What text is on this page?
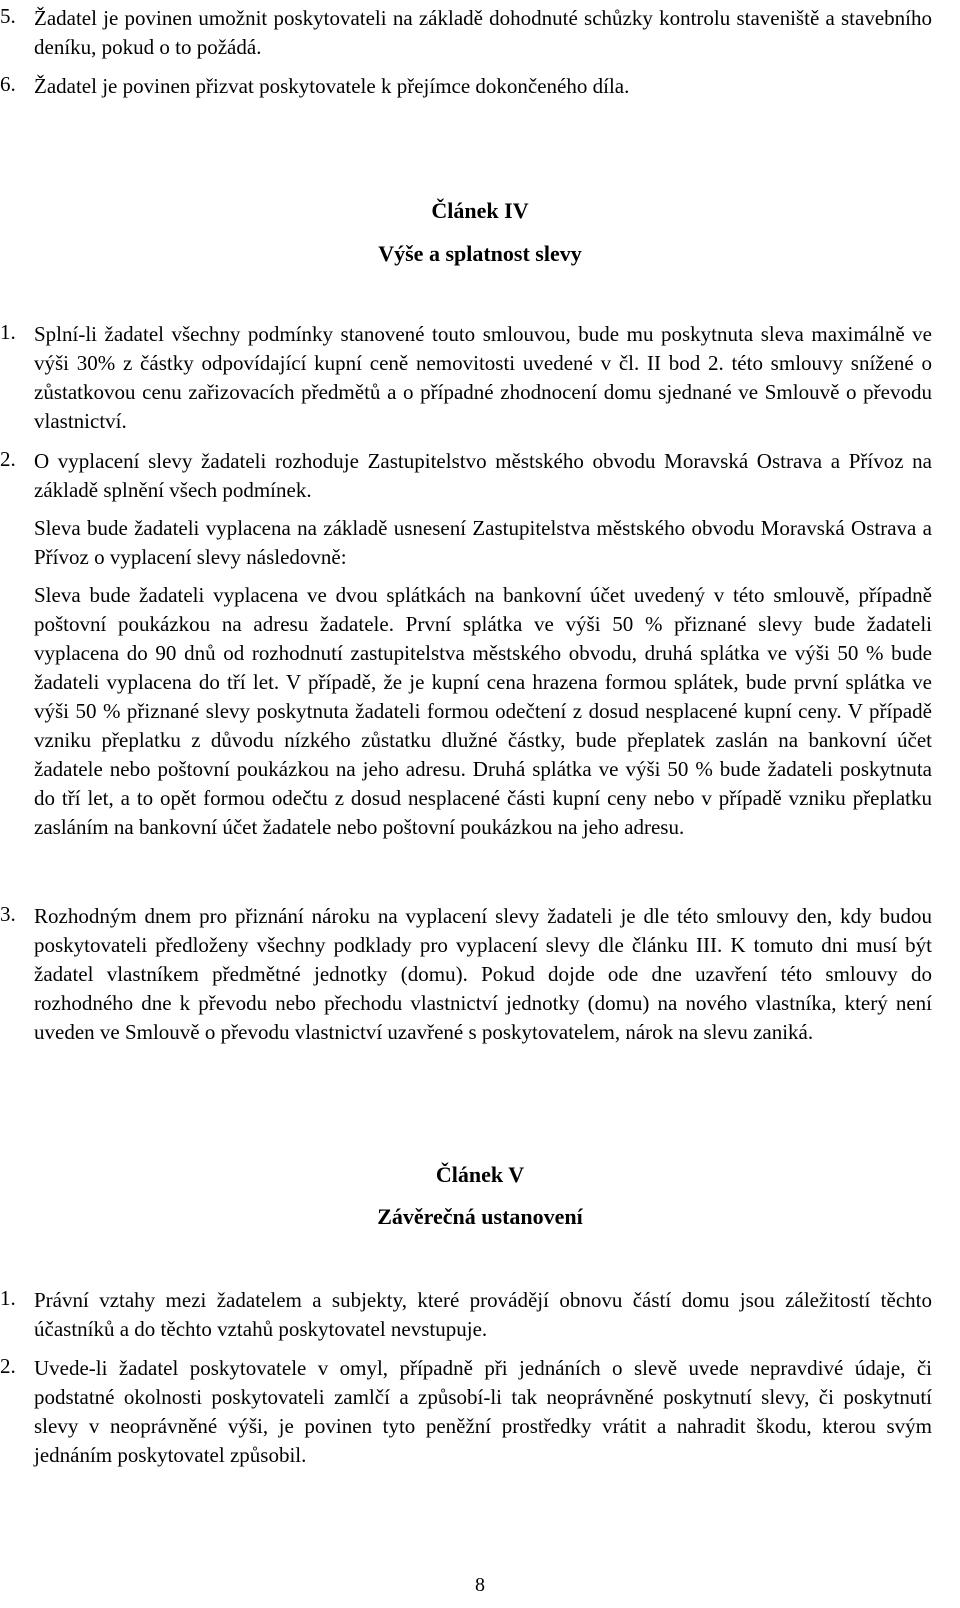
5. Žadatel je povinen umožnit poskytovateli na základě dohodnuté schůzky kontrolu staveniště a stavebního deníku, pokud o to požádá.

6. Žadatel je povinen přizvat poskytovatele k přejímce dokončeného díla.

Článek IV
Výše a splatnost slevy
1. Splní-li žadatel všechny podmínky stanovené touto smlouvou, bude mu poskytnuta sleva maximálně ve výši 30% z částky odpovídající kupní ceně nemovitosti uvedené v čl. II bod 2. této smlouvy snížené o zůstatkovou cenu zařizovacích předmětů a o případné zhodnocení domu sjednané ve Smlouvě o převodu vlastnictví.

2. O vyplacení slevy žadateli rozhoduje Zastupitelstvo městského obvodu Moravská Ostrava a Přívoz na základě splnění všech podmínek.

Sleva bude žadateli vyplacena na základě usnesení Zastupitelstva městského obvodu Moravská Ostrava a Přívoz o vyplacení slevy následovně:

Sleva bude žadateli vyplacena ve dvou splátkách na bankovní účet uvedený v této smlouvě, případně poštovní poukázkou na adresu žadatele. První splátka ve výši 50 % přiznané slevy bude žadateli vyplacena do 90 dnů od rozhodnutí zastupitelstva městského obvodu, druhá splátka ve výši 50 % bude žadateli vyplacena do tří let. V případě, že je kupní cena hrazena formou splátek, bude první splátka ve výši 50 % přiznané slevy poskytnuta žadateli formou odečtení z dosud nesplacené kupní ceny. V případě vzniku přeplatku z důvodu nízkého zůstatku dlužné částky, bude přeplatek zaslán na bankovní účet žadatele nebo poštovní poukázkou na jeho adresu. Druhá splátka ve výši 50 % bude žadateli poskytnuta do tří let, a to opět formou odečtu z dosud nesplacené části kupní ceny nebo v případě vzniku přeplatku zasláním na bankovní účet žadatele nebo poštovní poukázkou na jeho adresu.

3. Rozhodným dnem pro přiznání nároku na vyplacení slevy žadateli je dle této smlouvy den, kdy budou poskytovateli předloženy všechny podklady pro vyplacení slevy dle článku III. K tomuto dni musí být žadatel vlastníkem předmětné jednotky (domu). Pokud dojde ode dne uzavření této smlouvy do rozhodného dne k převodu nebo přechodu vlastnictví jednotky (domu) na nového vlastníka, který není uveden ve Smlouvě o převodu vlastnictví uzavřené s poskytovatelem, nárok na slevu zaniká.

Článek V
Závěrečná ustanovení
1. Právní vztahy mezi žadatelem a subjekty, které provádějí obnovu částí domu jsou záležitostí těchto účastníků a do těchto vztahů poskytovatel nevstupuje.

2. Uvede-li žadatel poskytovatele v omyl, případně při jednáních o slevě uvede nepravdivé údaje, či podstatné okolnosti poskytovateli zamlčí a způsobí-li tak neoprávněné poskytnutí slevy, či poskytnutí slevy v neoprávněné výši, je povinen tyto peněžní prostředky vrátit a nahradit škodu, kterou svým jednáním poskytovatel způsobil.

8
